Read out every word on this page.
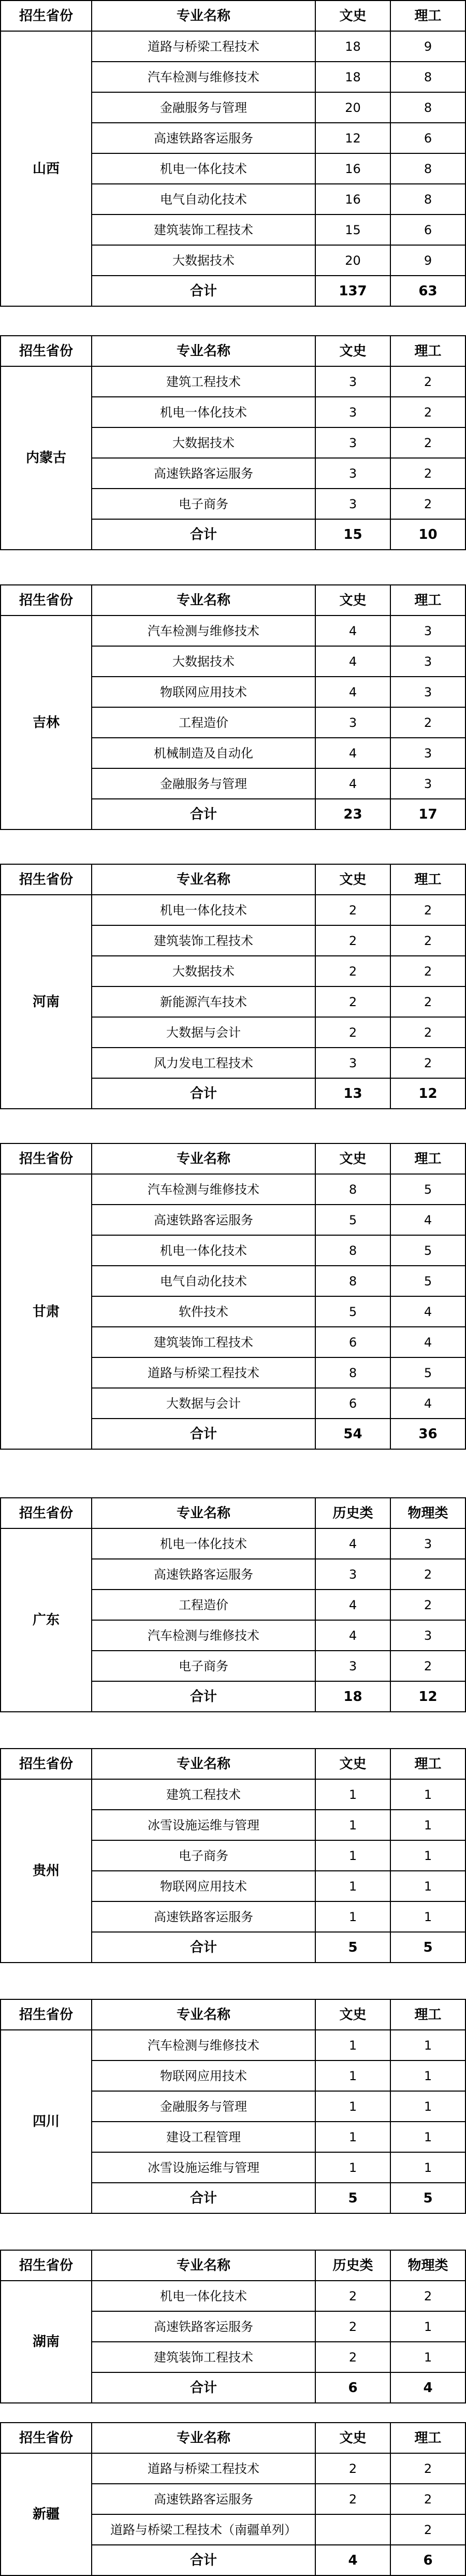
招生省份	专业名称	文史	理工
山西	道路与桥梁工程技术	18	9
	汽车检测与维修技术	18	8
	金融服务与管理	20	8
	高速铁路客运服务	12	6
	机电一体化技术	16	8
	电气自动化技术	16	8
	建筑装饰工程技术	15	6
	大数据技术	20	9
	合计	137	63
招生省份	专业名称	文史	理工
内蒙古	建筑工程技术	3	2
	机电一体化技术	3	2
	大数据技术	3	2
	高速铁路客运服务	3	2
	电子商务	3	2
	合计	15	10
招生省份	专业名称	文史	理工
吉林	汽车检测与维修技术	4	3
	大数据技术	4	3
	物联网应用技术	4	3
	工程造价	3	2
	机械制造及自动化	4	3
	金融服务与管理	4	3
	合计	23	17
招生省份	专业名称	文史	理工
河南	机电一体化技术	2	2
	建筑装饰工程技术	2	2
	大数据技术	2	2
	新能源汽车技术	2	2
	大数据与会计	2	2
	风力发电工程技术	3	2
	合计	13	12
招生省份	专业名称	文史	理工
甘肃	汽车检测与维修技术	8	5
	高速铁路客运服务	5	4
	机电一体化技术	8	5
	电气自动化技术	8	5
	软件技术	5	4
	建筑装饰工程技术	6	4
	道路与桥梁工程技术	8	5
	大数据与会计	6	4
	合计	54	36
招生省份	专业名称	历史类	物理类
广东	机电一体化技术	4	3
	高速铁路客运服务	3	2
	工程造价	4	2
	汽车检测与维修技术	4	3
	电子商务	3	2
	合计	18	12
招生省份	专业名称	文史	理工
贵州	建筑工程技术	1	1
	冰雪设施运维与管理	1	1
	电子商务	1	1
	物联网应用技术	1	1
	高速铁路客运服务	1	1
	合计	5	5
招生省份	专业名称	文史	理工
四川	汽车检测与维修技术	1	1
	物联网应用技术	1	1
	金融服务与管理	1	1
	建设工程管理	1	1
	冰雪设施运维与管理	1	1
	合计	5	5
招生省份	专业名称	历史类	物理类
湖南	机电一体化技术	2	2
	高速铁路客运服务	2	1
	建筑装饰工程技术	2	1
	合计	6	4
招生省份	专业名称	文史	理工
新疆	道路与桥梁工程技术	2	2
	高速铁路客运服务	2	2
	道路与桥梁工程技术（南疆单列）		2
	合计	4	6
